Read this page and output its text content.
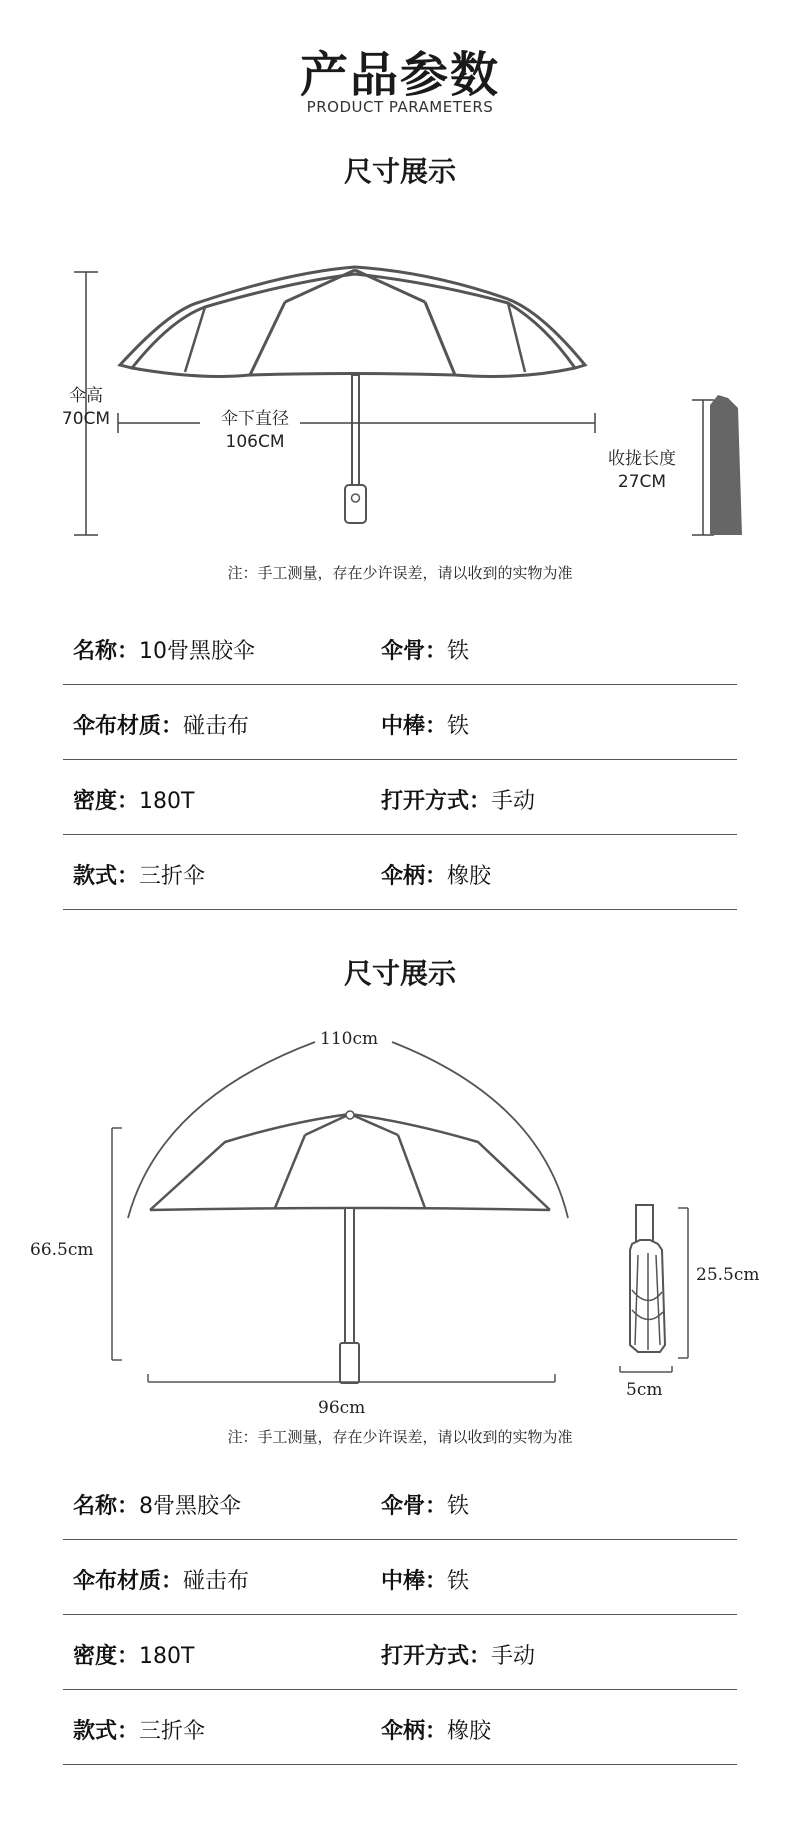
产品参数
PRODUCT PARAMETERS
尺寸展示
伞高
70CM	伞下直径
106CM
收拢长度
27CM
注：手工测量，存在少许误差，请以收到的实物为准
名称：10骨黑胶伞	伞骨：铁
伞布材质：碰击布	中棒：铁
密度：180T	打开方式：手动
款式：三折伞	伞柄：橡胶
尺寸展示
110cm
66.5cm
96cm
25.5cm
5cm
注：手工测量，存在少许误差，请以收到的实物为准
名称：8骨黑胶伞	伞骨：铁
伞布材质：碰击布	中棒：铁
密度：180T	打开方式：手动
款式：三折伞	伞柄：橡胶
